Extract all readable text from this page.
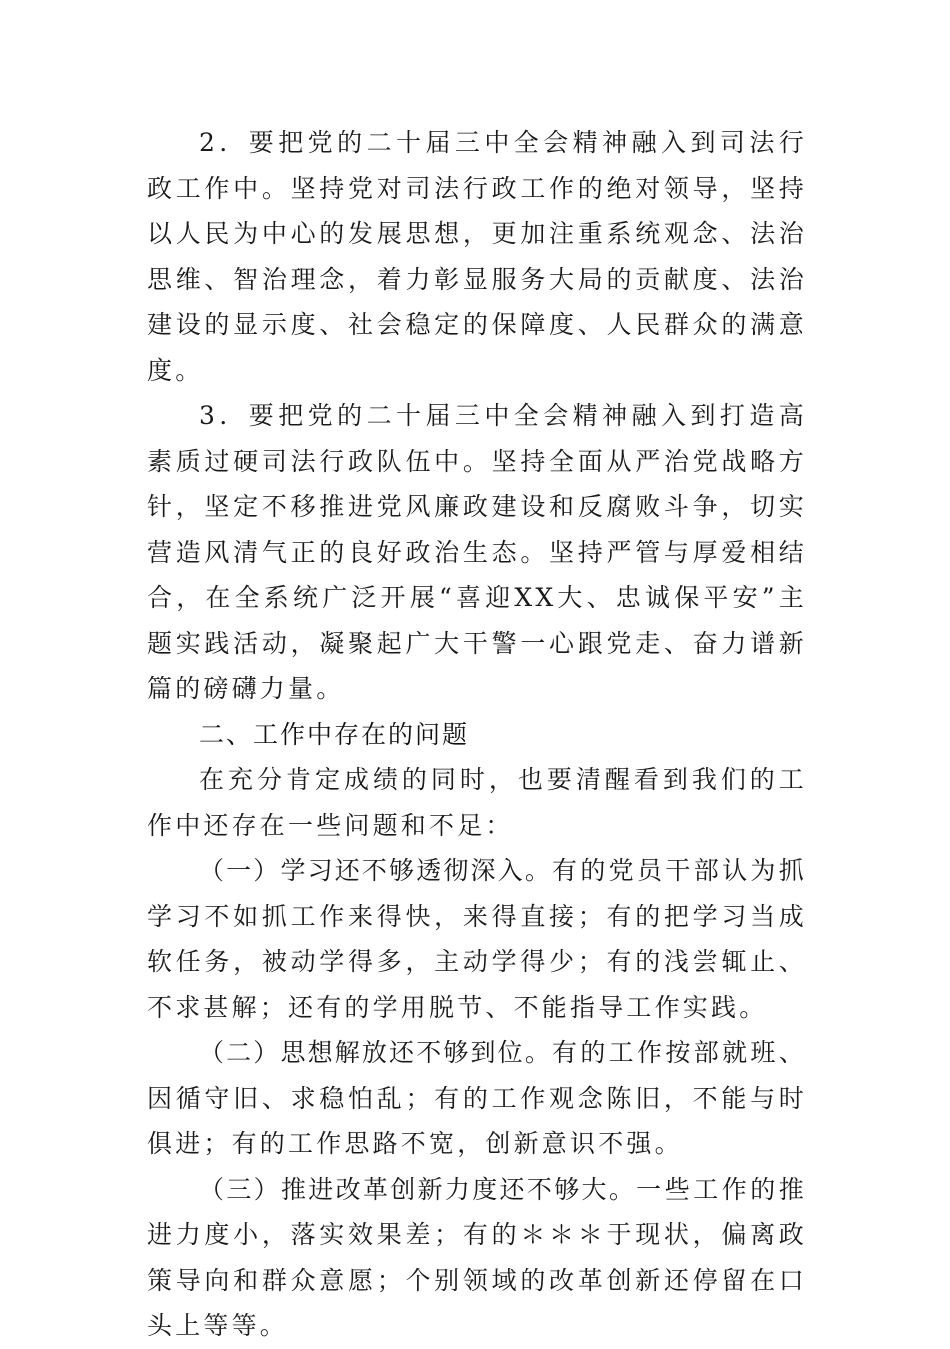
2．要把党的二十届三中全会精神融入到司法行政工作中。坚持党对司法行政工作的绝对领导，坚持以人民为中心的发展思想，更加注重系统观念、法治思维、智治理念，着力彰显服务大局的贡献度、法治建设的显示度、社会稳定的保障度、人民群众的满意度。

3．要把党的二十届三中全会精神融入到打造高素质过硬司法行政队伍中。坚持全面从严治党战略方针，坚定不移推进党风廉政建设和反腐败斗争，切实营造风清气正的良好政治生态。坚持严管与厚爱相结合，在全系统广泛开展“喜迎XX大、忠诚保平安”主题实践活动，凝聚起广大干警一心跟党走、奋力谱新篇的磅礴力量。

二、工作中存在的问题

在充分肯定成绩的同时，也要清醒看到我们的工作中还存在一些问题和不足：

（一）学习还不够透彻深入。有的党员干部认为抓学习不如抓工作来得快，来得直接；有的把学习当成软任务，被动学得多，主动学得少；有的浅尝辄止、不求甚解；还有的学用脱节、不能指导工作实践。

（二）思想解放还不够到位。有的工作按部就班、因循守旧、求稳怕乱；有的工作观念陈旧，不能与时俱进；有的工作思路不宽，创新意识不强。

（三）推进改革创新力度还不够大。一些工作的推进力度小，落实效果差；有的＊＊＊于现状，偏离政策导向和群众意愿；个别领域的改革创新还停留在口头上等等。
